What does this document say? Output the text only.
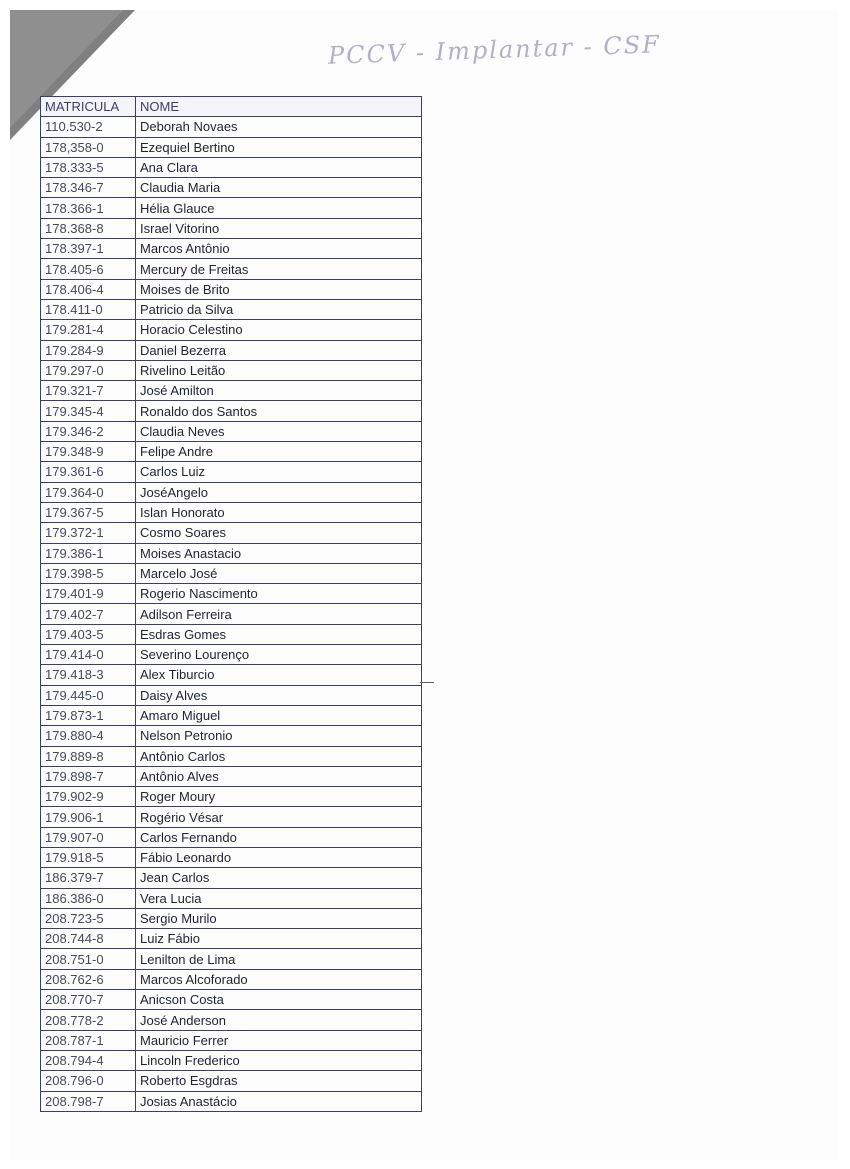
PCCV - Implantar - CSF
MATRICULA	NOME
110.530-2	Deborah Novaes
178,358-0	Ezequiel Bertino
178.333-5	Ana Clara
178.346-7	Claudia Maria
178.366-1	Hélia Glauce
178.368-8	Israel Vitorino
178.397-1	Marcos Antônio
178.405-6	Mercury de Freitas
178.406-4	Moises de Brito
178.411-0	Patricio da Silva
179.281-4	Horacio Celestino
179.284-9	Daniel Bezerra
179.297-0	Rivelino Leitão
179.321-7	José Amilton
179.345-4	Ronaldo dos Santos
179.346-2	Claudia Neves
179.348-9	Felipe Andre
179.361-6	Carlos Luiz
179.364-0	JoséAngelo
179.367-5	Islan Honorato
179.372-1	Cosmo Soares
179.386-1	Moises Anastacio
179.398-5	Marcelo José
179.401-9	Rogerio Nascimento
179.402-7	Adilson Ferreira
179.403-5	Esdras Gomes
179.414-0	Severino Lourenço
179.418-3	Alex Tiburcio
179.445-0	Daisy Alves
179.873-1	Amaro Miguel
179.880-4	Nelson Petronio
179.889-8	Antônio Carlos
179.898-7	Antônio Alves
179.902-9	Roger Moury
179.906-1	Rogério Vésar
179.907-0	Carlos Fernando
179.918-5	Fábio Leonardo
186.379-7	Jean Carlos
186.386-0	Vera Lucia
208.723-5	Sergio Murilo
208.744-8	Luiz Fábio
208.751-0	Lenilton de Lima
208.762-6	Marcos Alcoforado
208.770-7	Anicson Costa
208.778-2	José Anderson
208.787-1	Mauricio Ferrer
208.794-4	Lincoln Frederico
208.796-0	Roberto Esgdras
208.798-7	Josias Anastácio
